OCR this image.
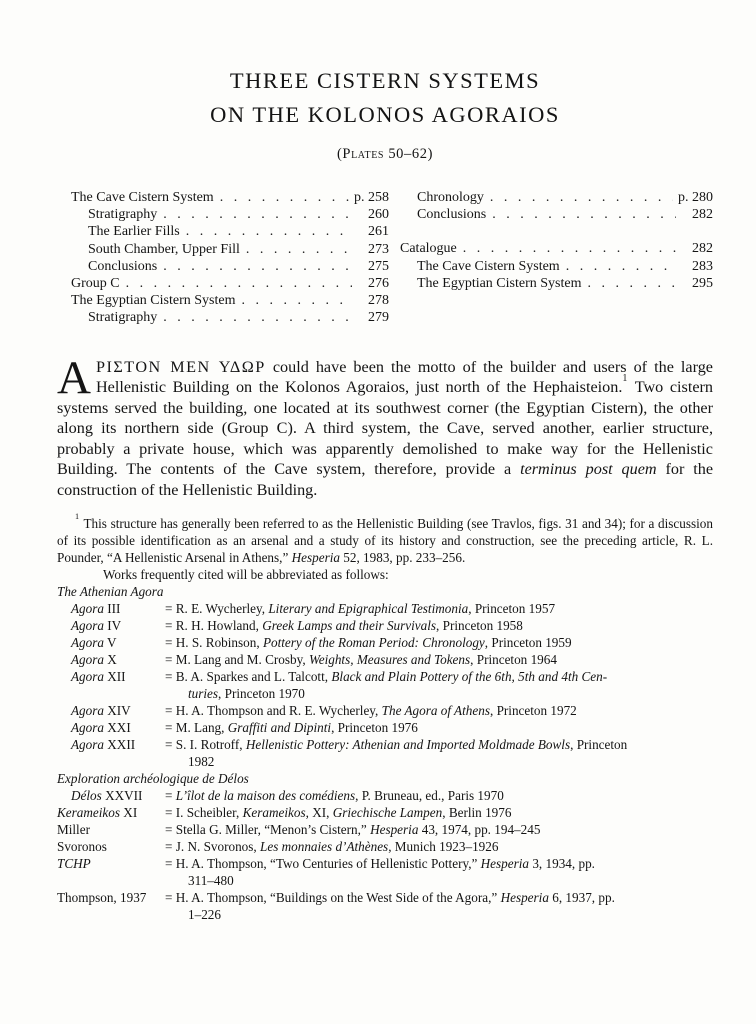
THREE CISTERN SYSTEMS
ON THE KOLONOS AGORAIOS
(Plates 50–62)
The Cave Cistern System . . .	p. 258
Stratigraphy . . .	260
The Earlier Fills . . .	261
South Chamber, Upper Fill . . .	273
Conclusions . . .	275
Group C . . .	276
The Egyptian Cistern System . . .	278
Stratigraphy . . .	279
Chronology . . .	p. 280
Conclusions . . .	282
Catalogue . . .	282
The Cave Cistern System . . .	283
The Egyptian Cistern System . . .	295

ΑΡΙΣΤΟΝ ΜΕΝ ΥΔΩΡ could have been the motto of the builder and users of the large Hellenistic Building on the Kolonos Agoraios, just north of the Hephaisteion.$^1$ Two cistern systems served the building, one located at its southwest corner (the Egyptian Cistern), the other along its northern side (Group C). A third system, the Cave, served another, earlier structure, probably a private house, which was apparently demolished to make way for the Hellenistic Building. The contents of the Cave system, therefore, provide a terminus post quem for the construction of the Hellenistic Building.

$^1$ This structure has generally been referred to as the Hellenistic Building (see Travlos, figs. 31 and 34); for a discussion of its possible identification as an arsenal and a study of its history and construction, see the preceding article, R. L. Pounder, “A Hellenistic Arsenal in Athens,” Hesperia 52, 1983, pp. 233–256.

Works frequently cited will be abbreviated as follows:

The Athenian Agora
Agora III	= R. E. Wycherley, Literary and Epigraphical Testimonia, Princeton 1957
Agora IV	= R. H. Howland, Greek Lamps and their Survivals, Princeton 1958
Agora V	= H. S. Robinson, Pottery of the Roman Period: Chronology, Princeton 1959
Agora X	= M. Lang and M. Crosby, Weights, Measures and Tokens, Princeton 1964
Agora XII	= B. A. Sparkes and L. Talcott, Black and Plain Pottery of the 6th, 5th and 4th Cen-
turies, Princeton 1970
Agora XIV	= H. A. Thompson and R. E. Wycherley, The Agora of Athens, Princeton 1972
Agora XXI	= M. Lang, Graffiti and Dipinti, Princeton 1976
Agora XXII	= S. I. Rotroff, Hellenistic Pottery: Athenian and Imported Moldmade Bowls, Princeton
1982
Exploration archéologique de Délos
Délos XXVII	= L’îlot de la maison des comédiens, P. Bruneau, ed., Paris 1970
Kerameikos XI	= I. Scheibler, Kerameikos, XI, Griechische Lampen, Berlin 1976
Miller	= Stella G. Miller, “Menon’s Cistern,” Hesperia 43, 1974, pp. 194–245
Svoronos	= J. N. Svoronos, Les monnaies d’Athènes, Munich 1923–1926
TCHP	= H. A. Thompson, “Two Centuries of Hellenistic Pottery,” Hesperia 3, 1934, pp.
311–480
Thompson, 1937	= H. A. Thompson, “Buildings on the West Side of the Agora,” Hesperia 6, 1937, pp.
1–226
